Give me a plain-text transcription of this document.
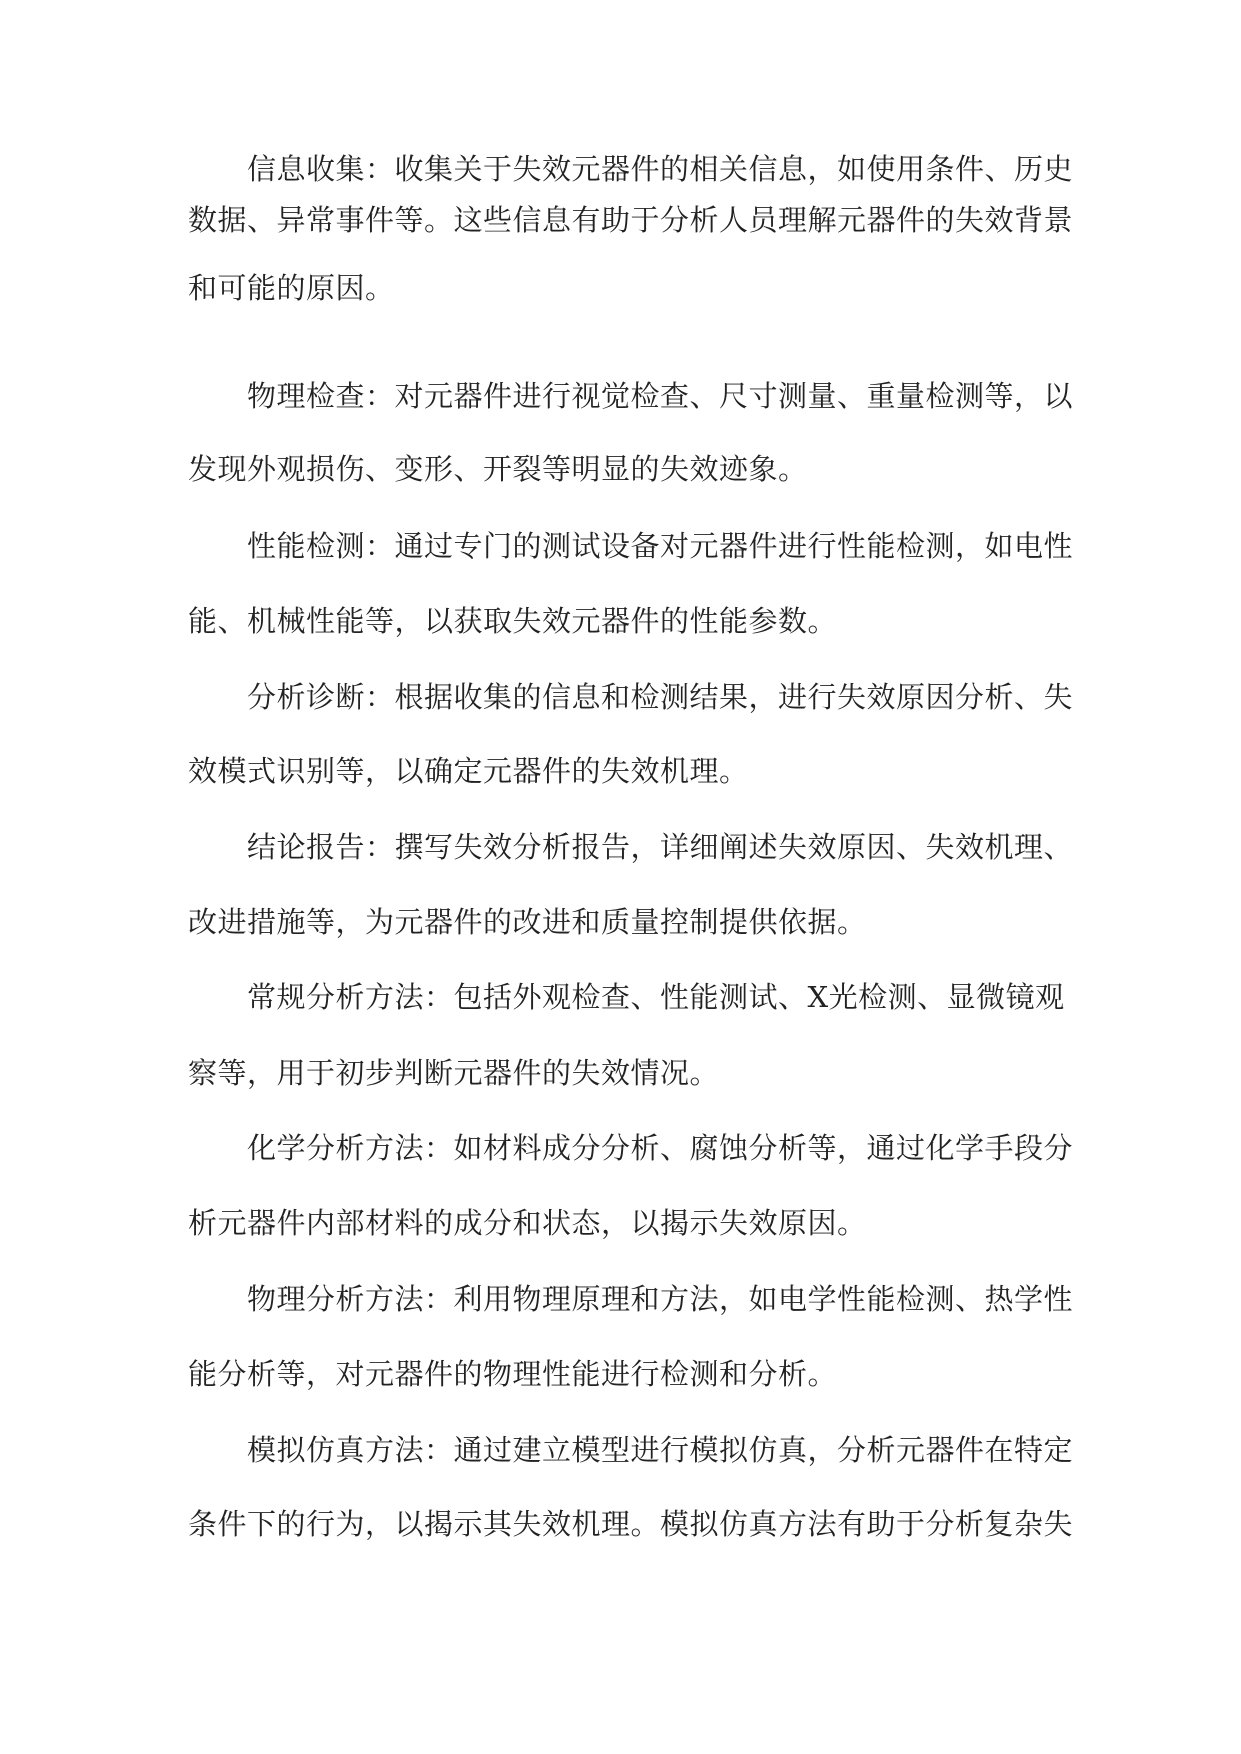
信息收集：收集关于失效元器件的相关信息，如使用条件、历史
数据、异常事件等。这些信息有助于分析人员理解元器件的失效背景
和可能的原因。
物理检查：对元器件进行视觉检查、尺寸测量、重量检测等，以
发现外观损伤、变形、开裂等明显的失效迹象。
性能检测：通过专门的测试设备对元器件进行性能检测，如电性
能、机械性能等，以获取失效元器件的性能参数。
分析诊断：根据收集的信息和检测结果，进行失效原因分析、失
效模式识别等，以确定元器件的失效机理。
结论报告：撰写失效分析报告，详细阐述失效原因、失效机理、
改进措施等，为元器件的改进和质量控制提供依据。
常规分析方法：包括外观检查、性能测试、X光检测、显微镜观
察等，用于初步判断元器件的失效情况。
化学分析方法：如材料成分分析、腐蚀分析等，通过化学手段分
析元器件内部材料的成分和状态，以揭示失效原因。
物理分析方法：利用物理原理和方法，如电学性能检测、热学性
能分析等，对元器件的物理性能进行检测和分析。
模拟仿真方法：通过建立模型进行模拟仿真，分析元器件在特定
条件下的行为，以揭示其失效机理。模拟仿真方法有助于分析复杂失
